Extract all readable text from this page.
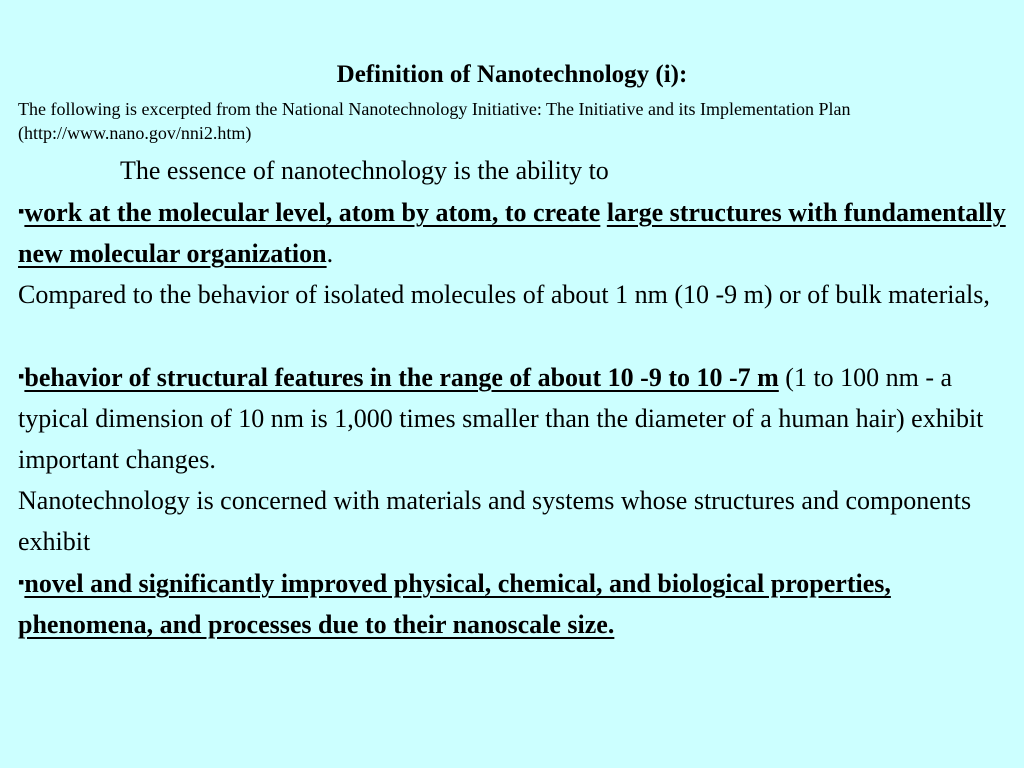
Definition of Nanotechnology (i):
The following is excerpted from the National Nanotechnology Initiative: The Initiative and its Implementation Plan (http://www.nano.gov/nni2.htm)
The essence of nanotechnology is the ability to
▪work at the molecular level, atom by atom, to create large structures with fundamentally new molecular organization.
Compared to the behavior of isolated molecules of about 1 nm (10 -9 m) or of bulk materials,
▪behavior of structural features in the range of about 10 -9 to 10 -7 m (1 to 100 nm - a typical dimension of 10 nm is 1,000 times smaller than the diameter of a human hair) exhibit important changes.
Nanotechnology is concerned with materials and systems whose structures and components exhibit
▪novel and significantly improved physical, chemical, and biological properties, phenomena, and processes due to their nanoscale size.
